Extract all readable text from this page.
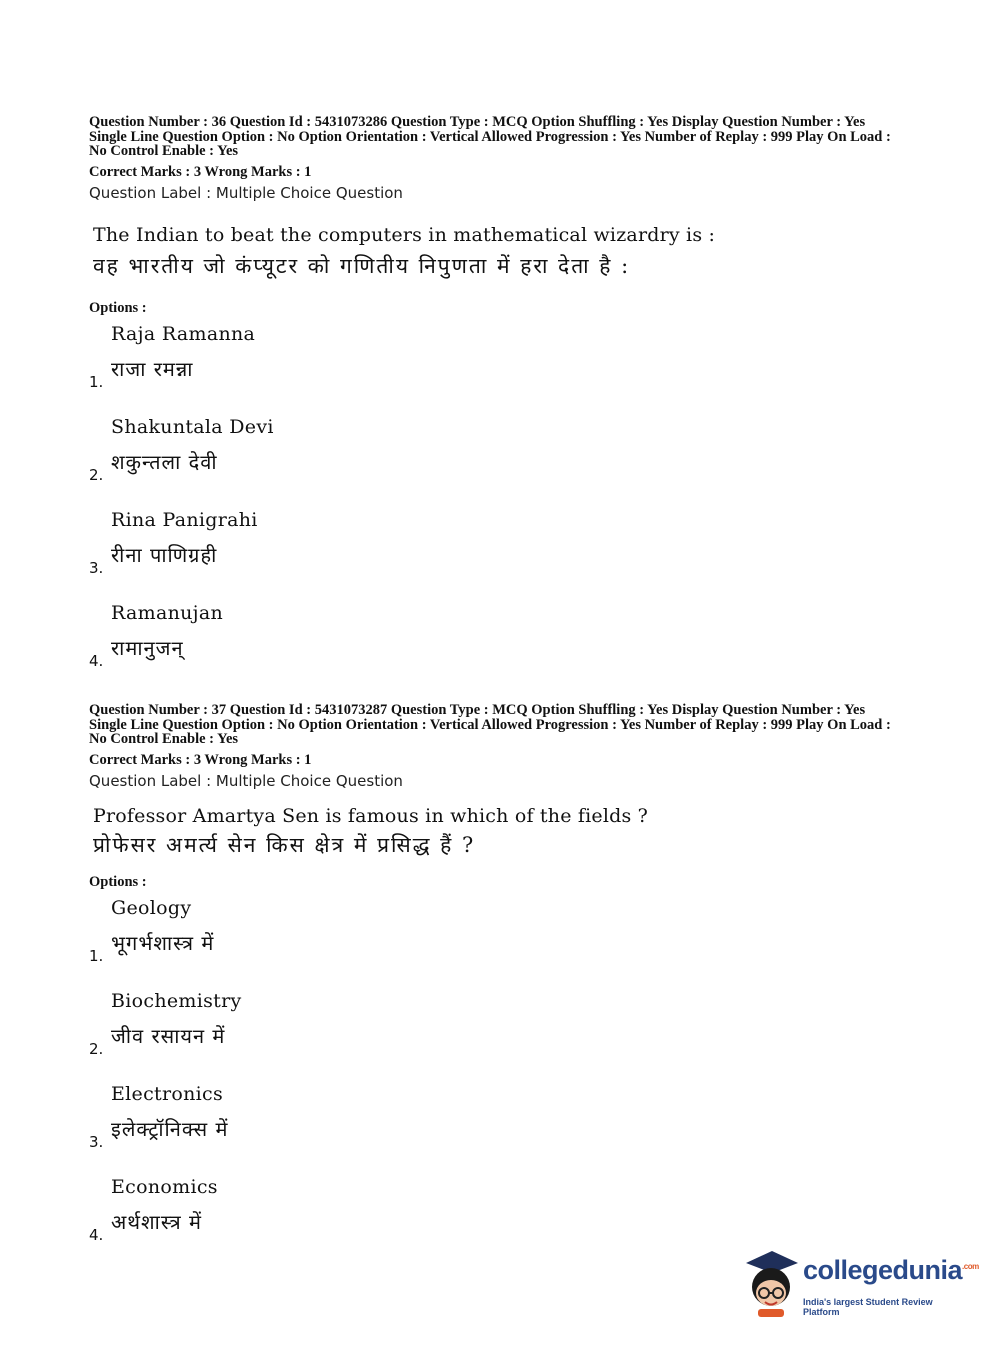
Question Number : 36 Question Id : 5431073286 Question Type : MCQ Option Shuffling : Yes Display Question Number : Yes
Single Line Question Option : No Option Orientation : Vertical Allowed Progression : Yes Number of Replay : 999 Play On Load :
No Control Enable : Yes
Correct Marks : 3 Wrong Marks : 1
Question Label : Multiple Choice Question
The Indian to beat the computers in mathematical wizardry is :
वह भारतीय जो कंप्यूटर को गणितीय निपुणता में हरा देता है :
Options :
Raja Ramanna
राजा रमन्ना
1.
Shakuntala Devi
शकुन्तला देवी
2.
Rina Panigrahi
रीना पाणिग्रही
3.
Ramanujan
रामानुजन्
4.
Question Number : 37 Question Id : 5431073287 Question Type : MCQ Option Shuffling : Yes Display Question Number : Yes
Single Line Question Option : No Option Orientation : Vertical Allowed Progression : Yes Number of Replay : 999 Play On Load :
No Control Enable : Yes
Correct Marks : 3 Wrong Marks : 1
Question Label : Multiple Choice Question
Professor Amartya Sen is famous in which of the fields ?
प्रोफेसर अमर्त्य सेन किस क्षेत्र में प्रसिद्ध हैं ?
Options :
Geology
भूगर्भशास्त्र में
1.
Biochemistry
जीव रसायन में
2.
Electronics
इलेक्ट्रॉनिक्स में
3.
Economics
अर्थशास्त्र में
4.
collegedunia$^{.com}$
India's largest Student Review Platform
